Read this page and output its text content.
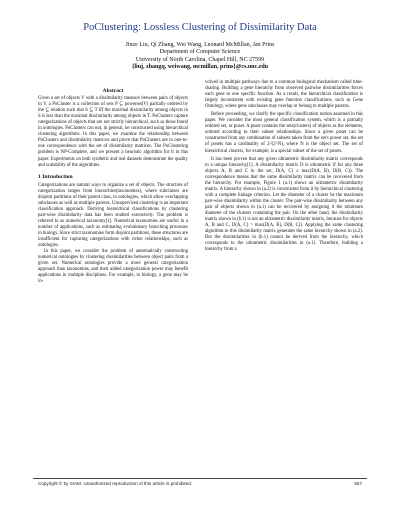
PoClustering: Lossless Clustering of Dissimilarity Data
Jinze Liu, Qi Zhang, Wei Wang, Leonard McMillan, Jan Prins
Department of Computer Science
University of North Carolina, Chapel Hill, NC 27599
{liuj, zhangq, weiwang, mcmillan, prins}@cs.unc.edu
Abstract

Given a set of objects V with a dissimilarity measure between pairs of objects in V, a PoCluster is a collection of sets P ⊆ powerset(V) partially ordered by the ⊆ relation such that S ⊆ T iff the maximal dissimilarity among objects in S is less than the maximal dissimilarity among objects in T. PoClusters capture categorizations of objects that are not strictly hierarchical, such as those found in ontologies. PoClusters can not, in general, be constructed using hierarchical clustering algorithms. In this paper, we examine the relationship between PoClusters and dissimilarity matrices and prove that PoClusters are in one-to-one correspondence with the set of dissimilarity matrices. The PoClustering problem is NP-Complete, and we present a heuristic algorithm for it in this paper. Experiments on both synthetic and real datasets demonstrate the quality and scalability of the algorithms.

1 Introduction

Categorizations are natural ways to organize a set of objects. The structure of categorization ranges from hierarchies(taxonomies), where subclasses are disjoint partitions of their parent class, to ontologies, which allow overlapping subclasses as well as multiple parents. Unsupervised clustering is an important classification approach. Deriving hierarchical classifications by clustering pair-wise dissimilarity data has been studied extensively. The problem is referred to as numerical taxonomy[1]. Numerical taxonomies are useful in a number of applications, such as estimating evolutionary branching processes in biology. Since strict taxonomies form disjoint partitions, these structures are insufficient for capturing categorizations with richer relationships, such as ontologies.

In this paper, we consider the problem of automatically constructing numerical ontologies by clustering dissimilarities between object pairs from a given set. Numerical ontologies provide a more general categorization approach than taxonomies, and their added categorization power may benefit applications in multiple disciplines. For example, in biology, a gene may be in-

volved in multiple pathways due to a common biological mechanism called time-sharing. Building a gene hierarchy from observed pairwise dissimilarities forces each gene to one specific function. As a result, the hierarchical classification is largely inconsistent with existing gene function classifications, such as Gene Ontology, where gene subclasses may overlap or belong to multiple parents.

Before proceeding, we clarify the specific classification notion assumed in this paper. We consider the most general classification system, which is a partially ordered set, or poset. A poset contains the sets(clusters) of objects as the elements, ordered according to their subset relationships. Since a given poset can be constructed from any combination of subsets taken from the set's power set, the set of posets has a cardinality of 2^(2^N), where N is the object set. The set of hierarchical clusters, for example, is a special subset of the set of posets.

It has been proven that any given ultrametric dissimilarity matrix corresponds to a unique hierarchy[1]. A dissimilarity matrix D is ultrametric if for any three objects A, B and C in the set, D(A, C) ≤ max(D(A, B), D(B, C)). The correspondence means that the same dissimilarity matrix can be recovered from the hierarchy. For example, Figure 1 (a.1) shows an ultrametric dissimilarity matrix. A hierarchy shown in (a.2) is constructed from it by hierarchical clustering with a complete linkage criterion. Let the diameter of a cluster be the maximum pair-wise dissimilarity within the cluster. The pair-wise dissimilarity between any pair of objects shown in (a.1) can be recovered by assigning it the minimum diameter of the clusters containing the pair. On the other hand, the dissimilarity matrix shown in (b.1) is not an ultrametric dissimilarity matrix, because for objects A, B and C, D(A, C) > max(D(A, B), D(B, C)). Applying the same clustering algorithm to this dissimilarity matrix generates the same hierarchy shown in (a.2). But the dissimilarities in (b.1) cannot be derived from the hierarchy, which corresponds to the ultrametric dissimilarities in (a.1). Therefore, building a hierarchy from a

Copyright © by SIAM. Unauthorized reproduction of this article is prohibited.	557
